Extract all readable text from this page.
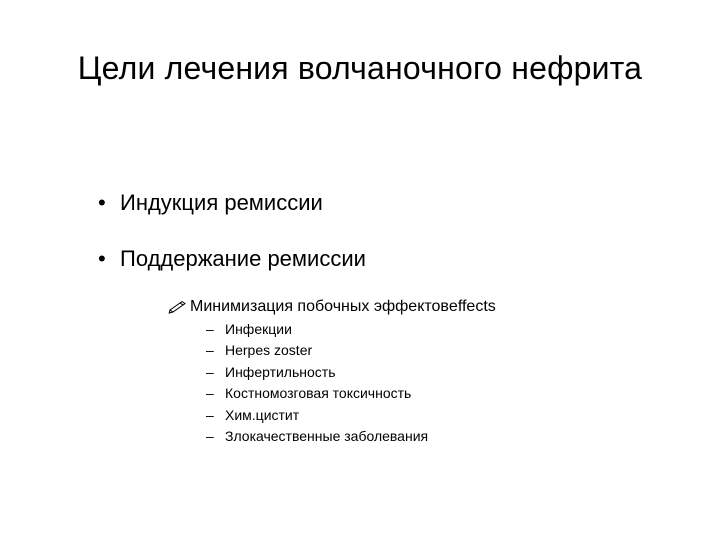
Цели лечения волчаночного нефрита
• Индукция ремиссии
• Поддержание ремиссии
Минимизация побочных эффектовeffects
– Инфекции
– Herpes zoster
– Инфертильность
– Костномозговая токсичность
– Хим.цистит
– Злокачественные заболевания
